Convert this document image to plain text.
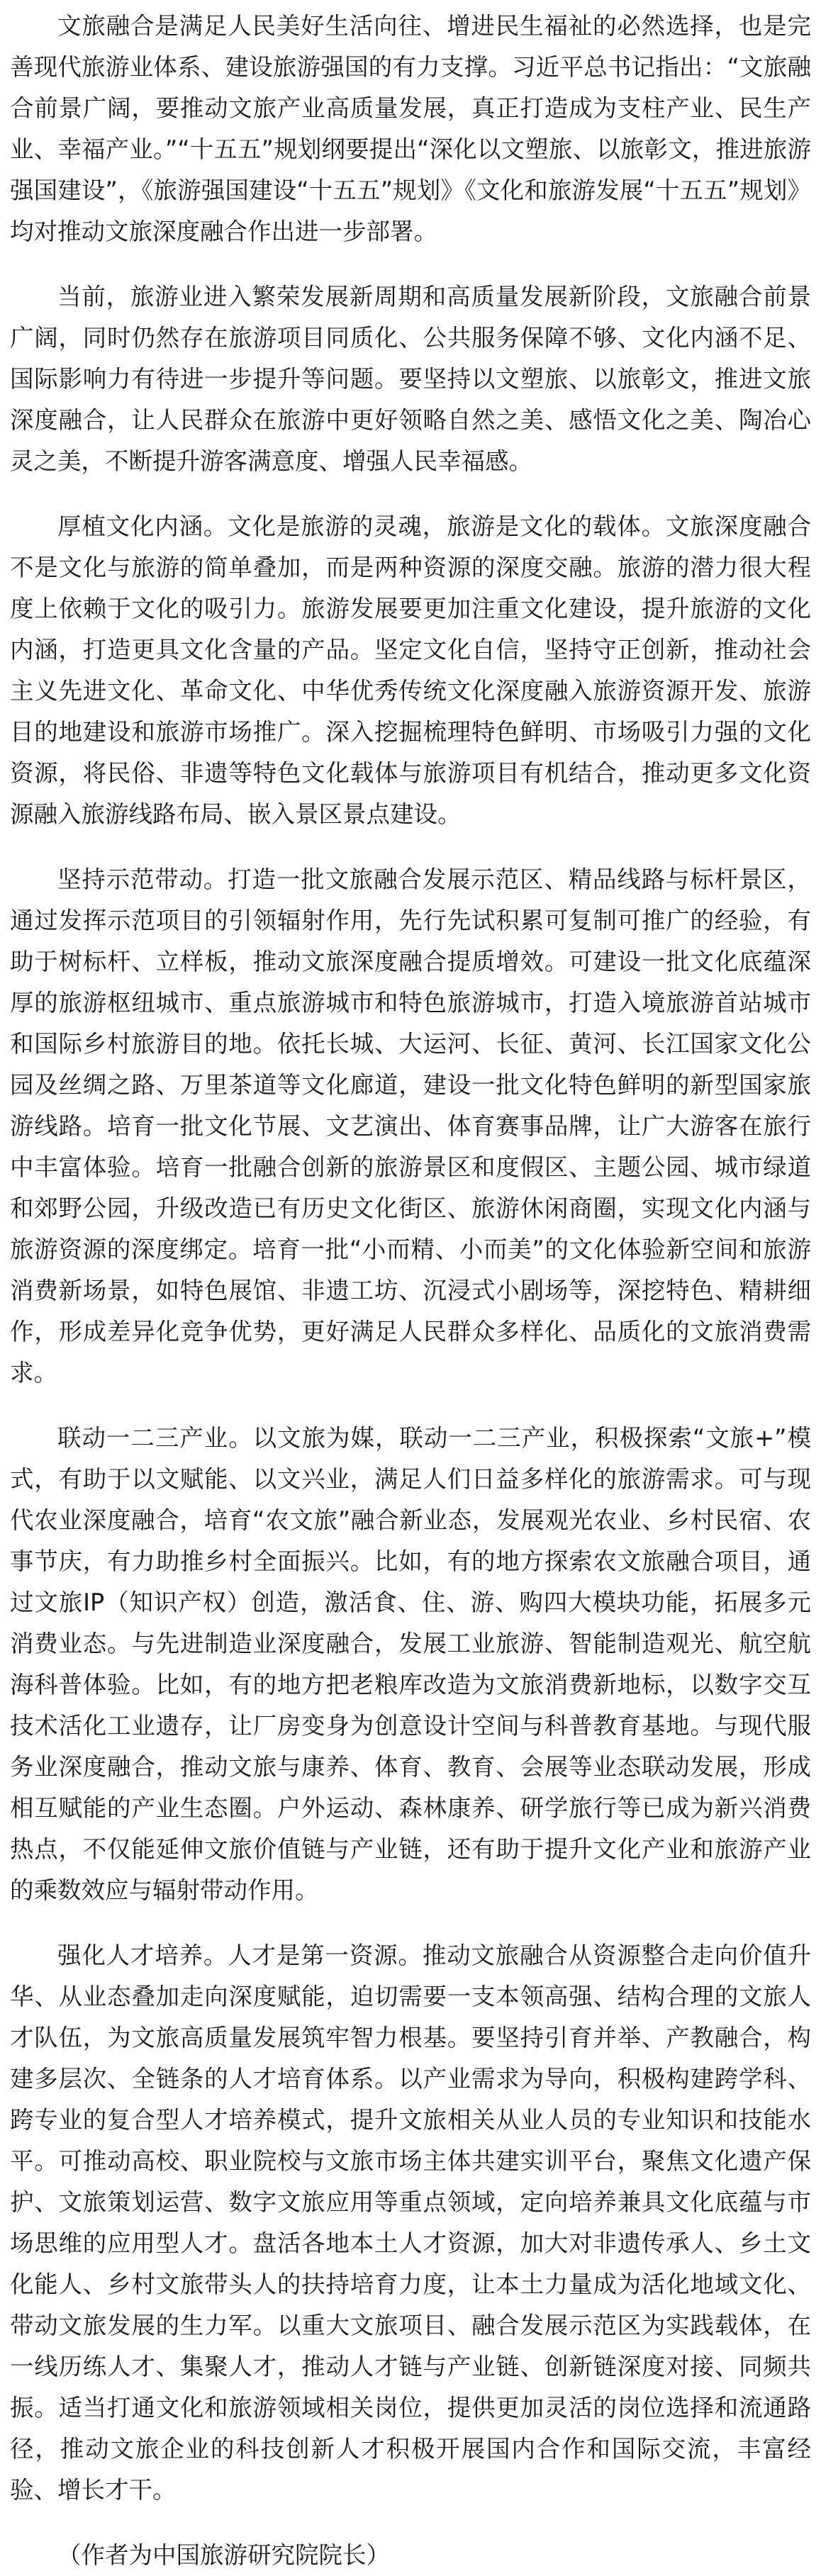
文旅融合是满足人民美好生活向往、增进民生福祉的必然选择，也是完善现代旅游业体系、建设旅游强国的有力支撑。习近平总书记指出：“文旅融合前景广阔，要推动文旅产业高质量发展，真正打造成为支柱产业、民生产业、幸福产业。”“十五五”规划纲要提出“深化以文塑旅、以旅彰文，推进旅游强国建设”，《旅游强国建设“十五五”规划》《文化和旅游发展“十五五”规划》均对推动文旅深度融合作出进一步部署。

当前，旅游业进入繁荣发展新周期和高质量发展新阶段，文旅融合前景广阔，同时仍然存在旅游项目同质化、公共服务保障不够、文化内涵不足、国际影响力有待进一步提升等问题。要坚持以文塑旅、以旅彰文，推进文旅深度融合，让人民群众在旅游中更好领略自然之美、感悟文化之美、陶冶心灵之美，不断提升游客满意度、增强人民幸福感。

厚植文化内涵。文化是旅游的灵魂，旅游是文化的载体。文旅深度融合不是文化与旅游的简单叠加，而是两种资源的深度交融。旅游的潜力很大程度上依赖于文化的吸引力。旅游发展要更加注重文化建设，提升旅游的文化内涵，打造更具文化含量的产品。坚定文化自信，坚持守正创新，推动社会主义先进文化、革命文化、中华优秀传统文化深度融入旅游资源开发、旅游目的地建设和旅游市场推广。深入挖掘梳理特色鲜明、市场吸引力强的文化资源，将民俗、非遗等特色文化载体与旅游项目有机结合，推动更多文化资源融入旅游线路布局、嵌入景区景点建设。

坚持示范带动。打造一批文旅融合发展示范区、精品线路与标杆景区，通过发挥示范项目的引领辐射作用，先行先试积累可复制可推广的经验，有助于树标杆、立样板，推动文旅深度融合提质增效。可建设一批文化底蕴深厚的旅游枢纽城市、重点旅游城市和特色旅游城市，打造入境旅游首站城市和国际乡村旅游目的地。依托长城、大运河、长征、黄河、长江国家文化公园及丝绸之路、万里茶道等文化廊道，建设一批文化特色鲜明的新型国家旅游线路。培育一批文化节展、文艺演出、体育赛事品牌，让广大游客在旅行中丰富体验。培育一批融合创新的旅游景区和度假区、主题公园、城市绿道和郊野公园，升级改造已有历史文化街区、旅游休闲商圈，实现文化内涵与旅游资源的深度绑定。培育一批“小而精、小而美”的文化体验新空间和旅游消费新场景，如特色展馆、非遗工坊、沉浸式小剧场等，深挖特色、精耕细作，形成差异化竞争优势，更好满足人民群众多样化、品质化的文旅消费需求。

联动一二三产业。以文旅为媒，联动一二三产业，积极探索“文旅+”模式，有助于以文赋能、以文兴业，满足人们日益多样化的旅游需求。可与现代农业深度融合，培育“农文旅”融合新业态，发展观光农业、乡村民宿、农事节庆，有力助推乡村全面振兴。比如，有的地方探索农文旅融合项目，通过文旅IP（知识产权）创造，激活食、住、游、购四大模块功能，拓展多元消费业态。与先进制造业深度融合，发展工业旅游、智能制造观光、航空航海科普体验。比如，有的地方把老粮库改造为文旅消费新地标，以数字交互技术活化工业遗存，让厂房变身为创意设计空间与科普教育基地。与现代服务业深度融合，推动文旅与康养、体育、教育、会展等业态联动发展，形成相互赋能的产业生态圈。户外运动、森林康养、研学旅行等已成为新兴消费热点，不仅能延伸文旅价值链与产业链，还有助于提升文化产业和旅游产业的乘数效应与辐射带动作用。

强化人才培养。人才是第一资源。推动文旅融合从资源整合走向价值升华、从业态叠加走向深度赋能，迫切需要一支本领高强、结构合理的文旅人才队伍，为文旅高质量发展筑牢智力根基。要坚持引育并举、产教融合，构建多层次、全链条的人才培育体系。以产业需求为导向，积极构建跨学科、跨专业的复合型人才培养模式，提升文旅相关从业人员的专业知识和技能水平。可推动高校、职业院校与文旅市场主体共建实训平台，聚焦文化遗产保护、文旅策划运营、数字文旅应用等重点领域，定向培养兼具文化底蕴与市场思维的应用型人才。盘活各地本土人才资源，加大对非遗传承人、乡土文化能人、乡村文旅带头人的扶持培育力度，让本土力量成为活化地域文化、带动文旅发展的生力军。以重大文旅项目、融合发展示范区为实践载体，在一线历练人才、集聚人才，推动人才链与产业链、创新链深度对接、同频共振。适当打通文化和旅游领域相关岗位，提供更加灵活的岗位选择和流通路径，推动文旅企业的科技创新人才积极开展国内合作和国际交流，丰富经验、增长才干。

（作者为中国旅游研究院院长）
